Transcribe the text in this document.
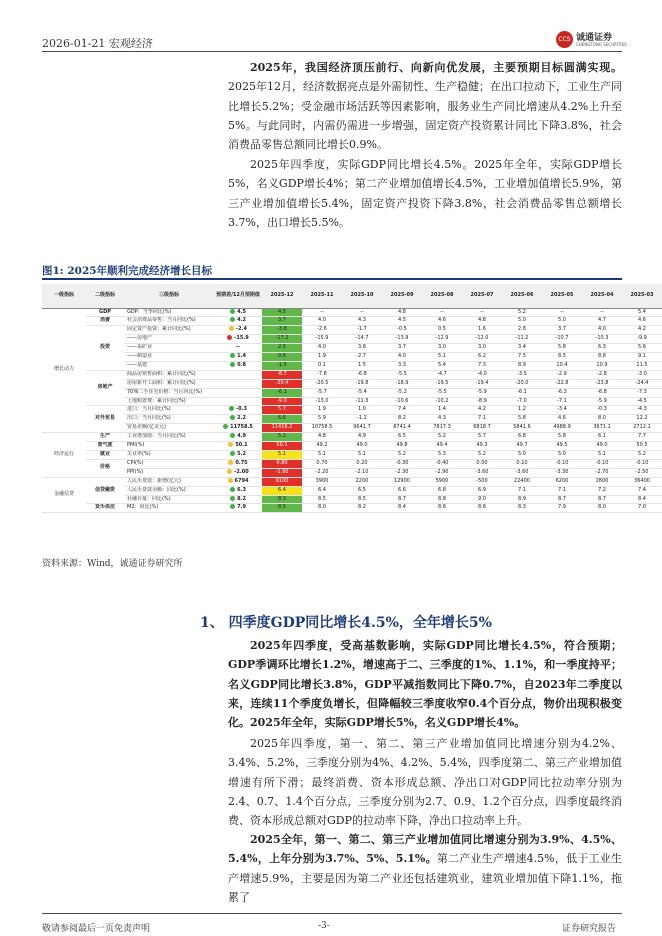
2026-01-21 宏观经济	CCS 诚通证券
CHENGTONG SECURITIES
2025年，我国经济顶压前行、向新向优发展，主要预期目标圆满实现。2025年12月，经济数据亮点是外需韧性、生产稳健；在出口拉动下，工业生产同比增长5.2%；受金融市场活跃等因素影响，服务业生产同比增速从4.2%上升至5%。与此同时，内需仍需进一步增强，固定资产投资累计同比下降3.8%，社会消费品零售总额同比增长0.9%。
2025年四季度，实际GDP同比增长4.5%。2025年全年，实际GDP增长5%，名义GDP增长4%；第二产业增加值增长4.5%，工业增加值增长5.9%，第三产业增加值增长5.4%，固定资产投资下降3.8%，社会消费品零售总额增长3.7%，出口增长5.5%。
图1: 2025年顺利完成经济增长目标
一级指标	二级指标	三级指标	预期差/12月预期值	2025-12	2025-11	2025-10	2025-09	2025-08	2025-07	2025-06	2025-05	2025-04	2025-03
增长动力	GDP	GDP：当季同比(%)	4.5	4.5	--	--	4.8	--	--	5.2	--	--	5.4
	消费	社会消费品零售：当月同比(%)	4.2	3.7	4.0	4.3	4.5	4.6	4.8	5.0	5.0	4.7	4.6
	投资	固定资产投资：累计同比(%)	-2.4	-3.8	-2.6	-1.7	-0.5	0.5	1.6	2.8	3.7	4.0	4.2
		——房地产	-15.9	-17.2	-15.9	-14.7	-13.9	-12.9	-12.0	-11.2	-10.7	-10.3	-9.9
		——采矿业	--	2.5	4.0	3.8	3.7	3.0	3.0	3.4	5.8	6.3	5.6
		——制造业	1.4	0.6	1.9	2.7	4.0	5.1	6.2	7.5	8.5	8.8	9.1
		——基建	0.8	-1.5	0.1	1.5	3.3	5.4	7.3	8.9	10.4	10.9	11.5
	房地产	商品房销售面积：累计同比(%)		-8.7	-7.8	-6.8	-5.5	-4.7	-4.0	-3.5	-2.9	-2.8	-3.0
		房屋新开工面积：累计同比(%)		-20.4	-20.5	-19.8	-18.9	-19.5	-19.4	-20.0	-22.8	-23.8	-24.4
		70城二手住宅价格：当月同比(%)		-6.1	-5.7	-5.4	-5.2	-5.5	-5.9	-6.1	-6.3	-6.8	-7.3
		土地购置费：累计同比(%)		-9.0	-13.0	-11.3	-10.6	-10.2	-8.9	-7.0	-7.1	-5.9	-4.5
	对外贸易	进口：当月同比(%)	-0.3	5.7	1.9	1.0	7.4	1.4	4.2	1.2	-3.4	-0.3	-4.3
		出口：当月同比(%)	2.2	6.6	5.9	-1.2	8.2	4.3	7.1	5.8	4.6	8.0	12.2
		贸易差额(亿美元)	11758.5	11418.2	10758.5	9641.7	8741.4	7817.3	6818.7	5841.6	4988.9	3671.1	2712.1
经济运行	生产	工业增加值：当月同比(%)	4.9	5.2	4.8	4.9	6.5	5.2	5.7	6.8	5.8	6.1	7.7
	景气度	PMI(%)	50.1	50.1	49.2	49.0	49.8	49.4	49.3	49.7	49.5	49.0	50.5
	就业	失业率(%)	5.2	5.1	5.1	5.1	5.2	5.3	5.2	5.0	5.0	5.1	5.2
	价格	CPI(%)	0.75	0.80	0.70	0.20	-0.30	-0.40	0.00	0.10	-0.10	-0.10	-0.10
		PPI(%)	-2.00	-1.90	-2.20	-2.10	-2.30	-2.90	-3.60	-3.60	-3.30	-2.70	-2.50
金融信贷	信贷融资	人民币贷款：新增(亿元)	6794	9100	3900	2200	12900	5900	-500	22400	6200	2800	36400
		人民币贷款余额：同比(%)	6.3	6.4	6.4	6.5	6.6	6.8	6.9	7.1	7.1	7.2	7.4
		社融存量：同比(%)	8.2	8.3	8.5	8.5	8.7	8.8	9.0	8.9	8.7	8.7	8.4
	货币供应	M2：同比(%)	7.9	8.5	8.0	8.2	8.4	8.8	8.8	8.3	7.9	8.0	7.0
资料来源：Wind，诚通证券研究所
1、 四季度GDP同比增长4.5%，全年增长5%
2025年四季度，受高基数影响，实际GDP同比增长4.5%，符合预期；GDP季调环比增长1.2%，增速高于二、三季度的1%、1.1%，和一季度持平；名义GDP同比增长3.8%，GDP平减指数同比下降0.7%，自2023年二季度以来，连续11个季度负增长，但降幅较三季度收窄0.4个百分点，物价出现积极变化。2025年全年，实际GDP增长5%，名义GDP增长4%。
2025年四季度，第一、第二、第三产业增加值同比增速分别为4.2%、3.4%、5.2%，三季度分别为4%、4.2%、5.4%，四季度第二、第三产业增加值增速有所下滑；最终消费、资本形成总额、净出口对GDP同比拉动率分别为2.4、0.7、1.4个百分点，三季度分别为2.7、0.9、1.2个百分点，四季度最终消费、资本形成总额对GDP的拉动率下降，净出口拉动率上升。
2025全年，第一、第二、第三产业增加值同比增速分别为3.9%、4.5%、5.4%，上年分别为3.7%、5%、5.1%。第二产业生产增速4.5%，低于工业生产增速5.9%，主要是因为第二产业还包括建筑业，建筑业增加值下降1.1%，拖累了
敬请参阅最后一页免责声明	-3-	证券研究报告
